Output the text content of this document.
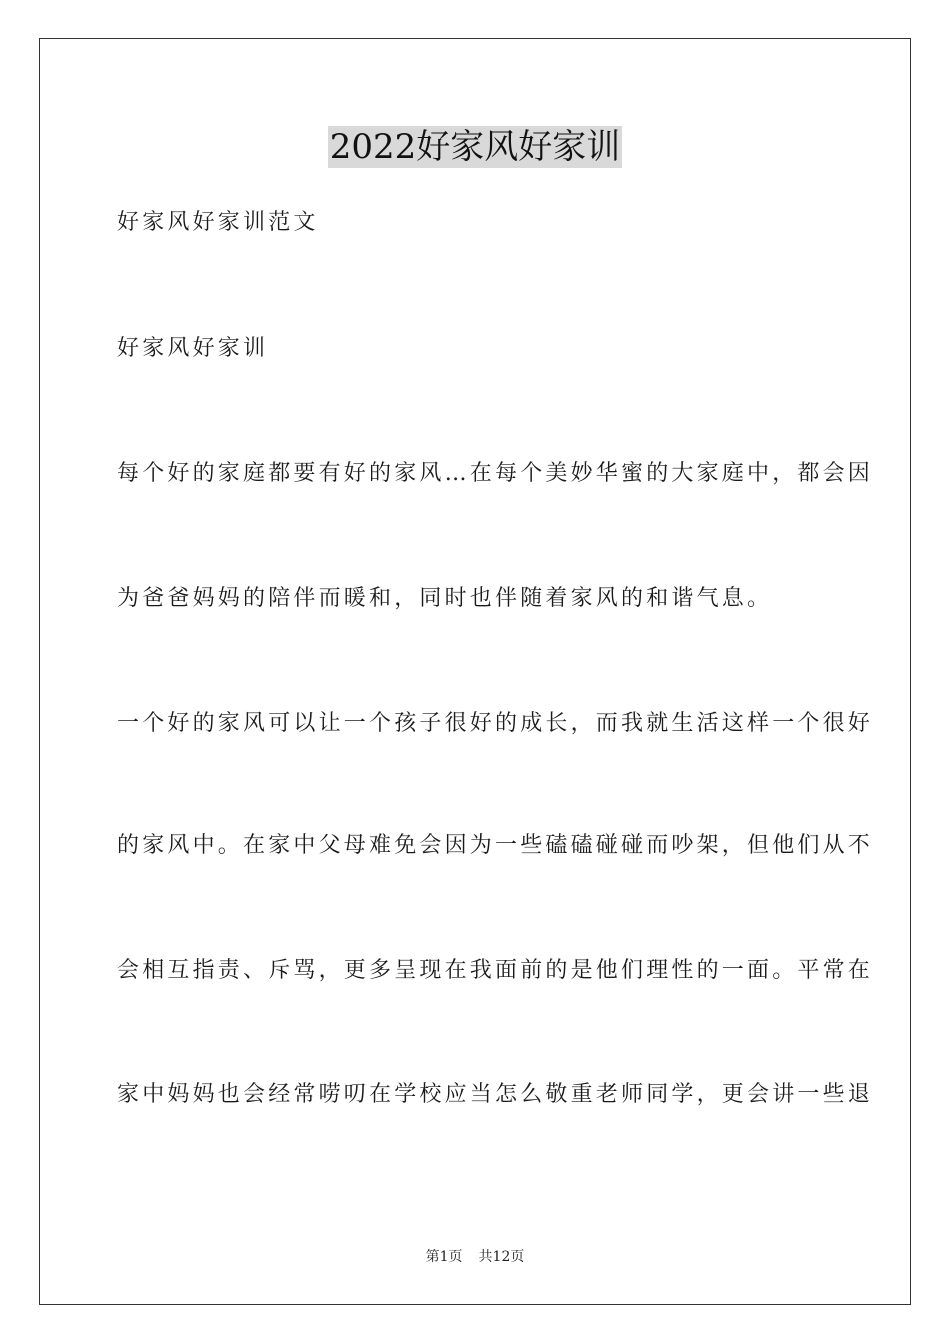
2022好家风好家训
好家风好家训范文
好家风好家训
每个好的家庭都要有好的家风…在每个美妙华蜜的大家庭中，都会因
为爸爸妈妈的陪伴而暖和，同时也伴随着家风的和谐气息。
一个好的家风可以让一个孩子很好的成长，而我就生活这样一个很好
的家风中。在家中父母难免会因为一些磕磕碰碰而吵架，但他们从不
会相互指责、斥骂，更多呈现在我面前的是他们理性的一面。平常在
家中妈妈也会经常唠叨在学校应当怎么敬重老师同学，更会讲一些退
第1页 共12页
